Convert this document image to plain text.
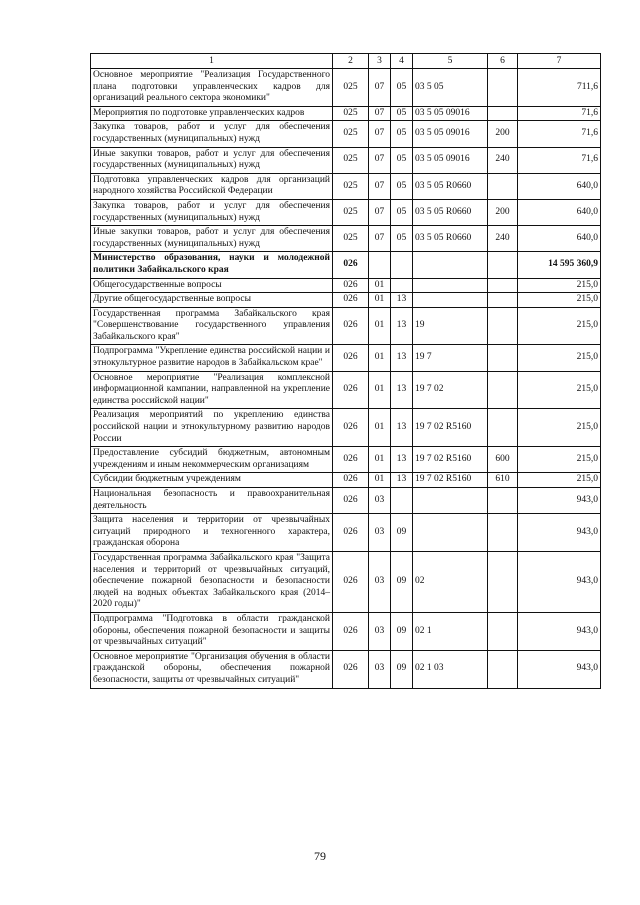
1	2	3	4	5	6	7
Основное мероприятие "Реализация Государственного плана подготовки управленческих кадров для организаций реального сектора экономики"	025	07	05	03 5 05		711,6
Мероприятия по подготовке управленческих кадров	025	07	05	03 5 05 09016		71,6
Закупка товаров, работ и услуг для обеспечения государственных (муниципальных) нужд	025	07	05	03 5 05 09016	200	71,6
Иные закупки товаров, работ и услуг для обеспечения государственных (муниципальных) нужд	025	07	05	03 5 05 09016	240	71,6
Подготовка управленческих кадров для организаций народного хозяйства Российской Федерации	025	07	05	03 5 05 R0660		640,0
Закупка товаров, работ и услуг для обеспечения государственных (муниципальных) нужд	025	07	05	03 5 05 R0660	200	640,0
Иные закупки товаров, работ и услуг для обеспечения государственных (муниципальных) нужд	025	07	05	03 5 05 R0660	240	640,0
Министерство образования, науки и молодежной политики Забайкальского края	026					14 595 360,9
Общегосударственные вопросы	026	01				215,0
Другие общегосударственные вопросы	026	01	13			215,0
Государственная программа Забайкальского края "Совершенствование государственного управления Забайкальского края"	026	01	13	19		215,0
Подпрограмма "Укрепление единства российской нации и этнокультурное развитие народов в Забайкальском крае"	026	01	13	19 7		215,0
Основное мероприятие "Реализация комплексной информационной кампании, направленной на укрепление единства российской нации"	026	01	13	19 7 02		215,0
Реализация мероприятий по укреплению единства российской нации и этнокультурному развитию народов России	026	01	13	19 7 02 R5160		215,0
Предоставление субсидий бюджетным, автономным учреждениям и иным некоммерческим организациям	026	01	13	19 7 02 R5160	600	215,0
Субсидии бюджетным учреждениям	026	01	13	19 7 02 R5160	610	215,0
Национальная безопасность и правоохранительная деятельность	026	03				943,0
Защита населения и территории от чрезвычайных ситуаций природного и техногенного характера, гражданская оборона	026	03	09			943,0
Государственная программа Забайкальского края "Защита населения и территорий от чрезвычайных ситуаций, обеспечение пожарной безопасности и безопасности людей на водных объектах Забайкальского края (2014–2020 годы)"	026	03	09	02		943,0
Подпрограмма "Подготовка в области гражданской обороны, обеспечения пожарной безопасности и защиты от чрезвычайных ситуаций"	026	03	09	02 1		943,0
Основное мероприятие "Организация обучения в области гражданской обороны, обеспечения пожарной безопасности, защиты от чрезвычайных ситуаций"	026	03	09	02 1 03		943,0
79
